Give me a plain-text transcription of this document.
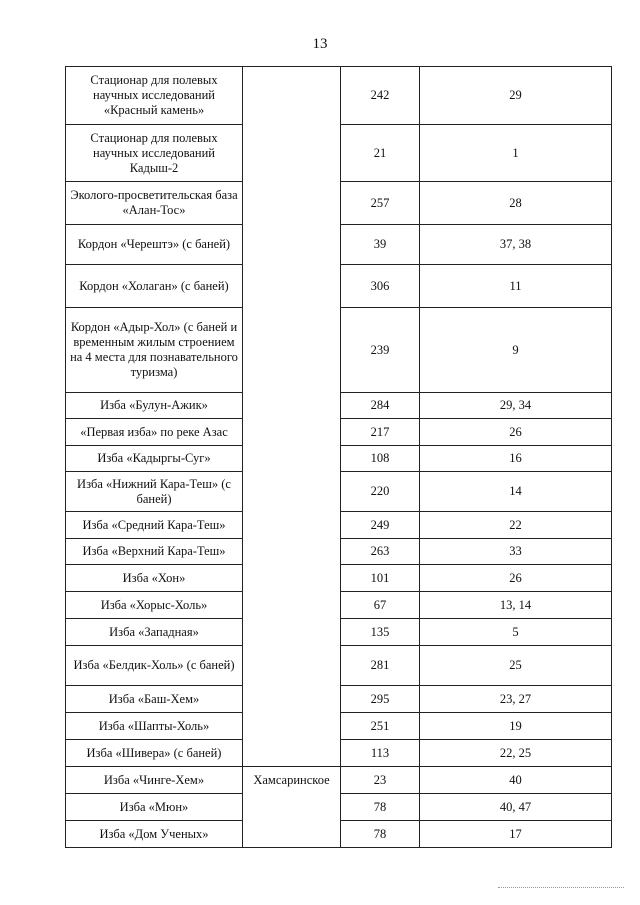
13
Стационар для полевых научных исследований «Красный камень»		242	29
Стационар для полевых научных исследований Кадыш-2		21	1
Эколого-просветительская база «Алан-Тос»		257	28
Кордон «Черештэ» (с баней)		39	37, 38
Кордон «Холаган» (с баней)		306	11
Кордон «Адыр-Хол» (с баней и временным жилым строением на 4 места для познавательного туризма)		239	9
Изба «Булун-Ажик»		284	29, 34
«Первая изба» по реке Азас		217	26
Изба «Кадыргы-Суг»		108	16
Изба «Нижний Кара-Теш» (с баней)		220	14
Изба «Средний Кара-Теш»		249	22
Изба «Верхний Кара-Теш»		263	33
Изба «Хон»		101	26
Изба «Хорыс-Холь»		67	13, 14
Изба «Западная»		135	5
Изба «Белдик-Холь» (с баней)		281	25
Изба «Баш-Хем»		295	23, 27
Изба «Шапты-Холь»		251	19
Изба «Шивера» (с баней)		113	22, 25
Изба «Чинге-Хем»	Хамсаринское	23	40
Изба «Мюн»		78	40, 47
Изба «Дом Ученых»		78	17
